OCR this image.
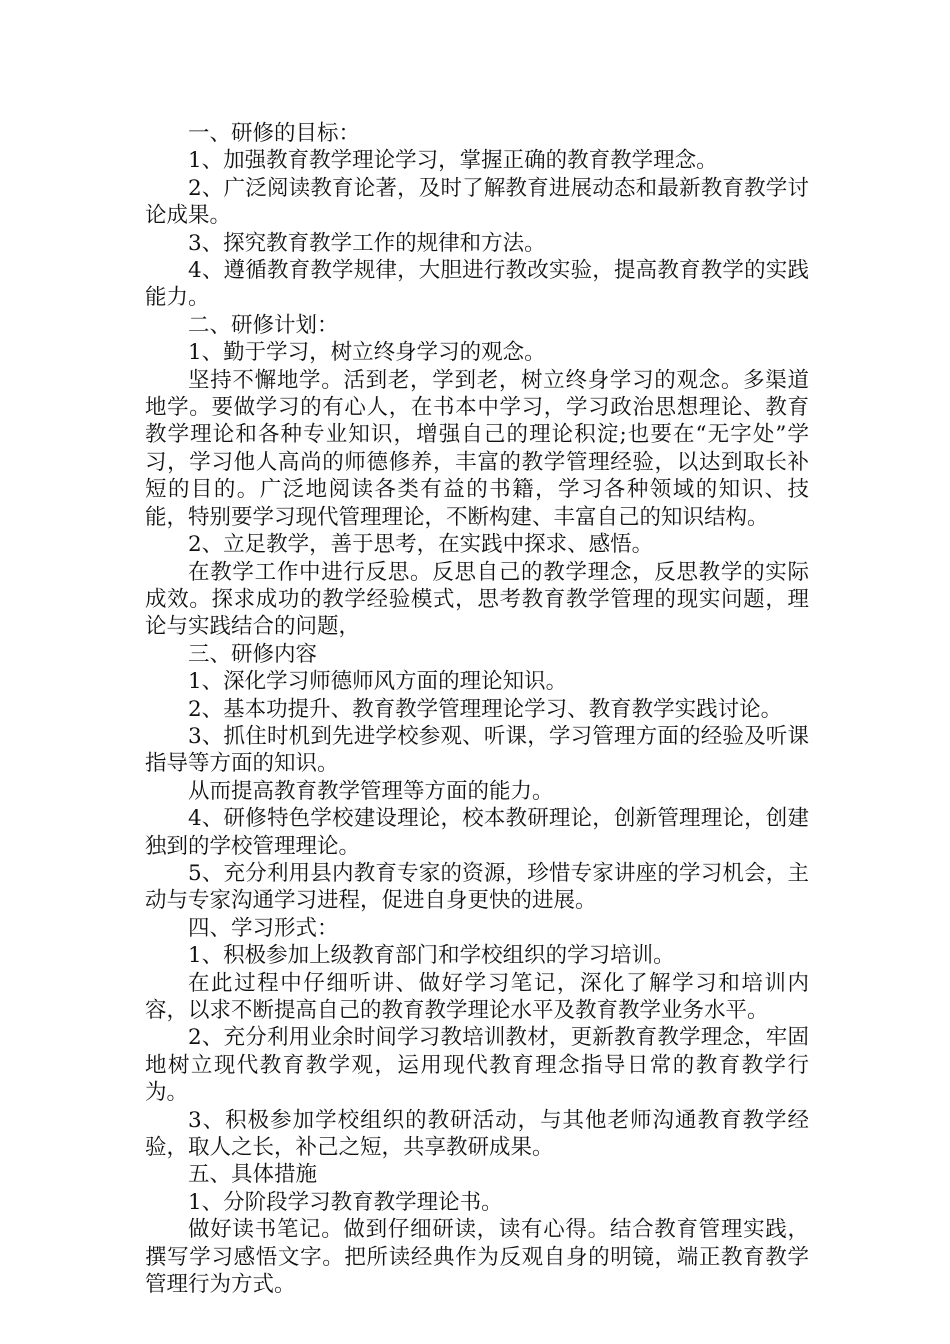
一、研修的目标：

1、加强教育教学理论学习，掌握正确的教育教学理念。

2、广泛阅读教育论著，及时了解教育进展动态和最新教育教学讨论成果。

3、探究教育教学工作的规律和方法。

4、遵循教育教学规律，大胆进行教改实验，提高教育教学的实践能力。

二、研修计划：

1、勤于学习，树立终身学习的观念。

坚持不懈地学。活到老，学到老，树立终身学习的观念。多渠道地学。要做学习的有心人，在书本中学习，学习政治思想理论、教育教学理论和各种专业知识，增强自己的理论积淀;也要在“无字处”学习，学习他人高尚的师德修养，丰富的教学管理经验，以达到取长补短的目的。广泛地阅读各类有益的书籍，学习各种领域的知识、技能，特别要学习现代管理理论，不断构建、丰富自己的知识结构。

2、立足教学，善于思考，在实践中探求、感悟。

在教学工作中进行反思。反思自己的教学理念，反思教学的实际成效。探求成功的教学经验模式，思考教育教学管理的现实问题，理论与实践结合的问题，

三、研修内容

1、深化学习师德师风方面的理论知识。

2、基本功提升、教育教学管理理论学习、教育教学实践讨论。

3、抓住时机到先进学校参观、听课，学习管理方面的经验及听课指导等方面的知识。

从而提高教育教学管理等方面的能力。

4、研修特色学校建设理论，校本教研理论，创新管理理论，创建独到的学校管理理论。

5、充分利用县内教育专家的资源，珍惜专家讲座的学习机会，主动与专家沟通学习进程，促进自身更快的进展。

四、学习形式：

1、积极参加上级教育部门和学校组织的学习培训。

在此过程中仔细听讲、做好学习笔记，深化了解学习和培训内容，以求不断提高自己的教育教学理论水平及教育教学业务水平。

2、充分利用业余时间学习教培训教材，更新教育教学理念，牢固地树立现代教育教学观，运用现代教育理念指导日常的教育教学行为。

3、积极参加学校组织的教研活动，与其他老师沟通教育教学经验，取人之长，补己之短，共享教研成果。

五、具体措施

1、分阶段学习教育教学理论书。

做好读书笔记。做到仔细研读，读有心得。结合教育管理实践，撰写学习感悟文字。把所读经典作为反观自身的明镜，端正教育教学管理行为方式。
